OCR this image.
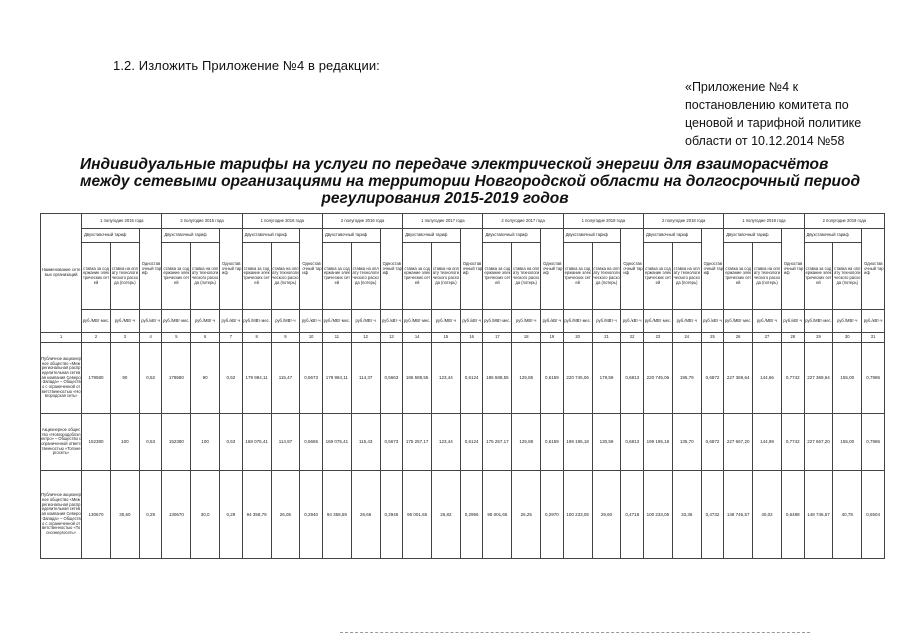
1.2. Изложить Приложение №4 в редакции:
«Приложение №4 к
постановлению комитета по
ценовой и тарифной политике
области от 10.12.2014 №58
Индивидуальные тарифы на услуги по передаче электрической энергии для взаиморасчётов
между сетевыми организациями на территории Новгородской области на долгосрочный период
регулирования 2015-2019 годов
Наименование сетевых организаций	1 полугодие 2015 года			2 полугодие 2015 года			1 полугодие 2016 года			2 полугодие 2016 года			1 полугодие 2017 года			2 полугодие 2017 года			1 полугодие 2018 года			2 полугодие 2018 года			1 полугодие 2019 года			2 полугодие 2019 года		
	Двухставочный тариф		Одноставочный тариф	Двухставочный тариф		Одноставочный тариф	Двухставочный тариф		Одноставочный тариф	Двухставочный тариф		Одноставочный тариф	Двухставочный тариф		Одноставочный тариф	Двухставочный тариф		Одноставочный тариф	Двухставочный тариф		Одноставочный тариф	Двухставочный тариф		Одноставочный тариф	Двухставочный тариф		Одноставочный тариф	Двухставочный тариф		Одноставочный тариф
	ставка за содержание электрических сетей	ставка на оплату технологического расхода (потерь)		ставка за содержание электрических сетей	ставка на оплату технологического расхода (потерь)		ставка за содержание электрических сетей	ставка на оплату технологического расхода (потерь)		ставка за содержание электрических сетей	ставка на оплату технологического расхода (потерь)		ставка за содержание электрических сетей	ставка на оплату технологического расхода (потерь)		ставка за содержание электрических сетей	ставка на оплату технологического расхода (потерь)		ставка за содержание электрических сетей	ставка на оплату технологического расхода (потерь)		ставка за содержание электрических сетей	ставка на оплату технологического расхода (потерь)		ставка за содержание электрических сетей	ставка на оплату технологического расхода (потерь)		ставка за содержание электрических сетей	ставка на оплату технологического расхода (потерь)	
	руб./МВт·мес.	руб./МВт·ч	руб./кВт·ч	руб./МВт·мес.	руб./МВт·ч	руб./кВт·ч	руб./МВт·мес.	руб./МВт·ч	руб./кВт·ч	руб./МВт·мес.	руб./МВт·ч	руб./кВт·ч	руб./МВт·мес.	руб./МВт·ч	руб./кВт·ч	руб./МВт·мес.	руб./МВт·ч	руб./кВт·ч	руб./МВт·мес.	руб./МВт·ч	руб./кВт·ч	руб./МВт·мес.	руб./МВт·ч	руб./кВт·ч	руб./МВт·мес.	руб./МВт·ч	руб./кВт·ч	руб./МВт·мес.	руб./МВт·ч	руб./кВт·ч
1	2	3	4	5	6	7	8	9	10	11	12	13	14	15	16	17	18	19	20	21	22	23	24	25	26	27	28	29	30	31
Публичное акционерное общество «Межрегиональная распределительная сетевая компания Северо-Запада» – Общество с ограниченной ответственностью «Новгородская сеть»	179580	90	0,52	179580	90	0,52	179 984,11	115,47	0,5673	179 984,11	114,37	0,5663	186 588,55	123,44	0,6124	186 588,55	125,85	0,6159	220 745,06	179,59	0,6813	220 745,06	195,79	0,6872	227 369,64	144,66	0,7742	227 369,64	155,00	0,7986
Акционерное общество «Новгородоблэлектро» – Общество с ограниченной ответственностью «Топэнергосеть»	152380	100	0,53	152380	100	0,53	168 075,41	114,97	0,5665	169 075,41	115,43	0,5673	175 257,17	123,44	0,6124	175 257,17	125,88	0,6159	199 195,18	130,59	0,6813	199 195,18	135,70	0,6872	227 667,20	144,99	0,7742	227 667,20	155,00	0,7986
Публичное акционерное общество «Межрегиональная распределительная сетевая компания Северо-Запада» – Общество с ограниченной ответственностью «Тосноэнергосеть»	130670	30,60	0,29	130670	30,0	0,29	94 358,79	26,05	0,2940	94 358,59	26,66	0,2946	95 001,65	26,82	0,2956	95 001,65	26,25	0,2970	100 233,05	29,60	0,4718	100 233,05	33,36	0,4732	148 746,57	40,02	0,6488	148 746,57	40,78	0,6504
